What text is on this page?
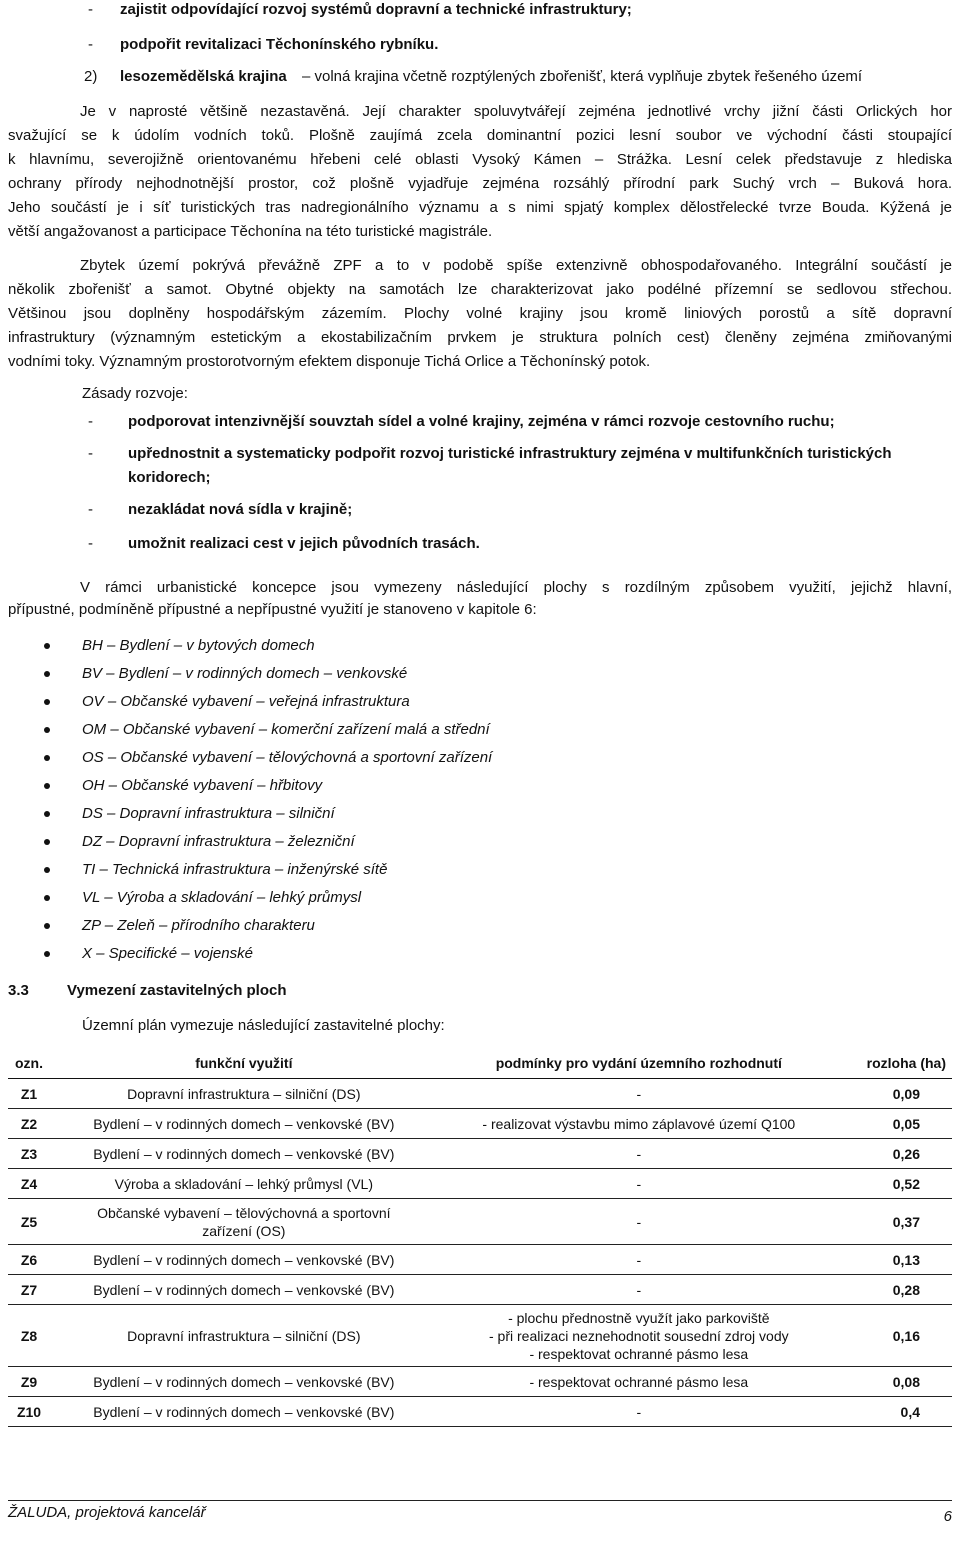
- zajistit odpovídající rozvoj systémů dopravní a technické infrastruktury;
- podpořit revitalizaci Těchonínského rybníku.
2) lesozemědělská krajina – volná krajina včetně rozptýlených zbořenišť, která vyplňuje zbytek řešeného území
Je v naprosté většině nezastavěná. Její charakter spoluvytvářejí zejména jednotlivé vrchy jižní části Orlických hor
svažující se k údolím vodních toků. Plošně zaujímá zcela dominantní pozici lesní soubor ve východní části stoupající
k hlavnímu, severojižně orientovanému hřebeni celé oblasti Vysoký Kámen – Strážka. Lesní celek představuje z hlediska
ochrany přírody nejhodnotnější prostor, což plošně vyjadřuje zejména rozsáhlý přírodní park Suchý vrch – Buková hora.
Jeho součástí je i síť turistických tras nadregionálního významu a s nimi spjatý komplex dělostřelecké tvrze Bouda. Kýžená je
větší angažovanost a participace Těchonína na této turistické magistrále.
Zbytek území pokrývá převážně ZPF a to v podobě spíše extenzivně obhospodařovaného. Integrální součástí je
několik zbořenišť a samot. Obytné objekty na samotách lze charakterizovat jako podélné přízemní se sedlovou střechou.
Většinou jsou doplněny hospodářským zázemím. Plochy volné krajiny jsou kromě liniových porostů a sítě dopravní
infrastruktury (významným estetickým a ekostabilizačním prvkem je struktura polních cest) členěny zejména zmiňovanými
vodními toky. Významným prostorotvorným efektem disponuje Tichá Orlice a Těchonínský potok.
Zásady rozvoje:
- podporovat intenzivnější souvztah sídel a volné krajiny, zejména v rámci rozvoje cestovního ruchu;
- upřednostnit a systematicky podpořit rozvoj turistické infrastruktury zejména v multifunkčních turistických
koridorech;
- nezakládat nová sídla v krajině;
- umožnit realizaci cest v jejich původních trasách.
V rámci urbanistické koncepce jsou vymezeny následující plochy s rozdílným způsobem využití, jejichž hlavní,
přípustné, podmíněně přípustné a nepřípustné využití je stanoveno v kapitole 6:
BH – Bydlení – v bytových domech
BV – Bydlení – v rodinných domech – venkovské
OV – Občanské vybavení – veřejná infrastruktura
OM – Občanské vybavení – komerční zařízení malá a střední
OS – Občanské vybavení – tělovýchovná a sportovní zařízení
OH – Občanské vybavení – hřbitovy
DS – Dopravní infrastruktura – silniční
DZ – Dopravní infrastruktura – železniční
TI – Technická infrastruktura – inženýrské sítě
VL – Výroba a skladování – lehký průmysl
ZP – Zeleň – přírodního charakteru
X – Specifické – vojenské
3.3	Vymezení zastavitelných ploch
Územní plán vymezuje následující zastavitelné plochy:
ozn.	funkční využití	podmínky pro vydání územního rozhodnutí	rozloha (ha)
Z1	Dopravní infrastruktura – silniční (DS)	-	0,09
Z2	Bydlení – v rodinných domech – venkovské (BV)	- realizovat výstavbu mimo záplavové území Q100	0,05
Z3	Bydlení – v rodinných domech – venkovské (BV)	-	0,26
Z4	Výroba a skladování – lehký průmysl (VL)	-	0,52
Z5	Občanské vybavení – tělovýchovná a sportovní
zařízení (OS)	-	0,37
Z6	Bydlení – v rodinných domech – venkovské (BV)	-	0,13
Z7	Bydlení – v rodinných domech – venkovské (BV)	-	0,28
Z8	Dopravní infrastruktura – silniční (DS)	- plochu přednostně využít jako parkoviště
- při realizaci neznehodnotit sousední zdroj vody
- respektovat ochranné pásmo lesa	0,16
Z9	Bydlení – v rodinných domech – venkovské (BV)	- respektovat ochranné pásmo lesa	0,08
Z10	Bydlení – v rodinných domech – venkovské (BV)	-	0,4
ŽALUDA, projektová kancelář	6
